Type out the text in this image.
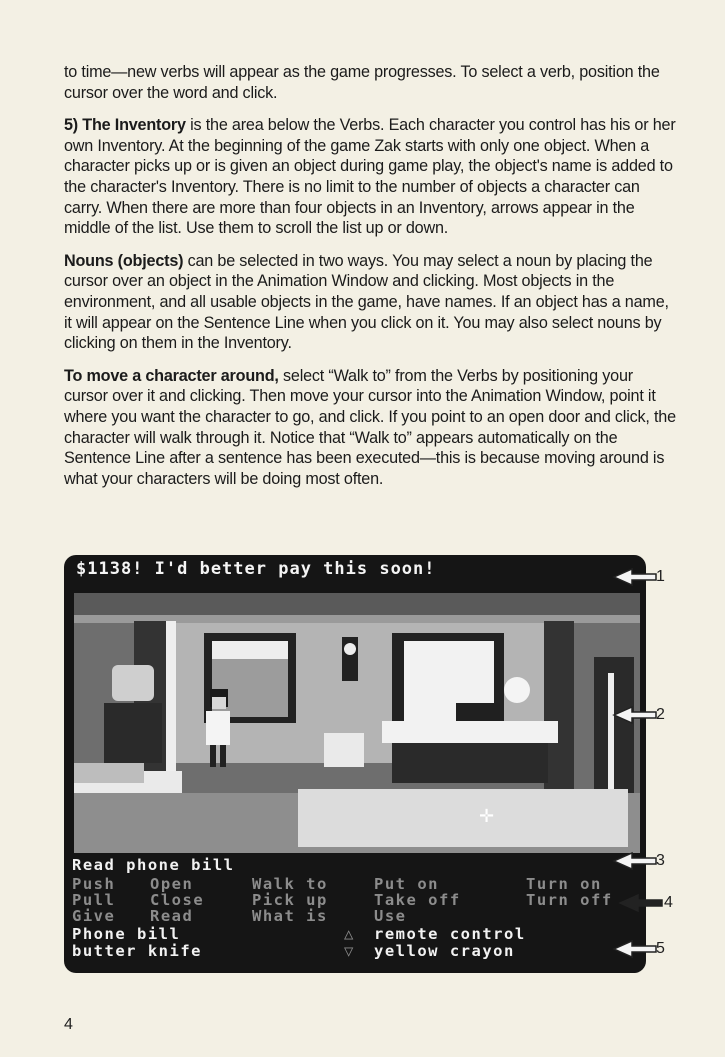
to time—new verbs will appear as the game progresses. To select a verb, position the cursor over the word and click.

5) The Inventory is the area below the Verbs. Each character you control has his or her own Inventory. At the beginning of the game Zak starts with only one object. When a character picks up or is given an object during game play, the object's name is added to the character's Inventory. There is no limit to the number of objects a character can carry. When there are more than four objects in an Inventory, arrows appear in the middle of the list. Use them to scroll the list up or down.

Nouns (objects) can be selected in two ways. You may select a noun by placing the cursor over an object in the Animation Window and clicking. Most objects in the environment, and all usable objects in the game, have names. If an object has a name, it will appear on the Sentence Line when you click on it. You may also select nouns by clicking on them in the Inventory.

To move a character around, select “Walk to” from the Verbs by positioning your cursor over it and clicking. Then move your cursor into the Animation Window, point it where you want the character to go, and click. If you point to an open door and click, the character will walk through it. Notice that “Walk to” appears automatically on the Sentence Line after a sentence has been executed—this is because moving around is what your characters will be doing most often.

$1138! I'd better pay this soon!
✛
Read phone bill
Push
Pull
Give
Open
Close
Read
Walk to
Pick up
What is
Put on
Take off
Use
Turn on
Turn off
Phone bill
butter knife
△
▽
remote control
yellow crayon
1
2
3
4
5
4
